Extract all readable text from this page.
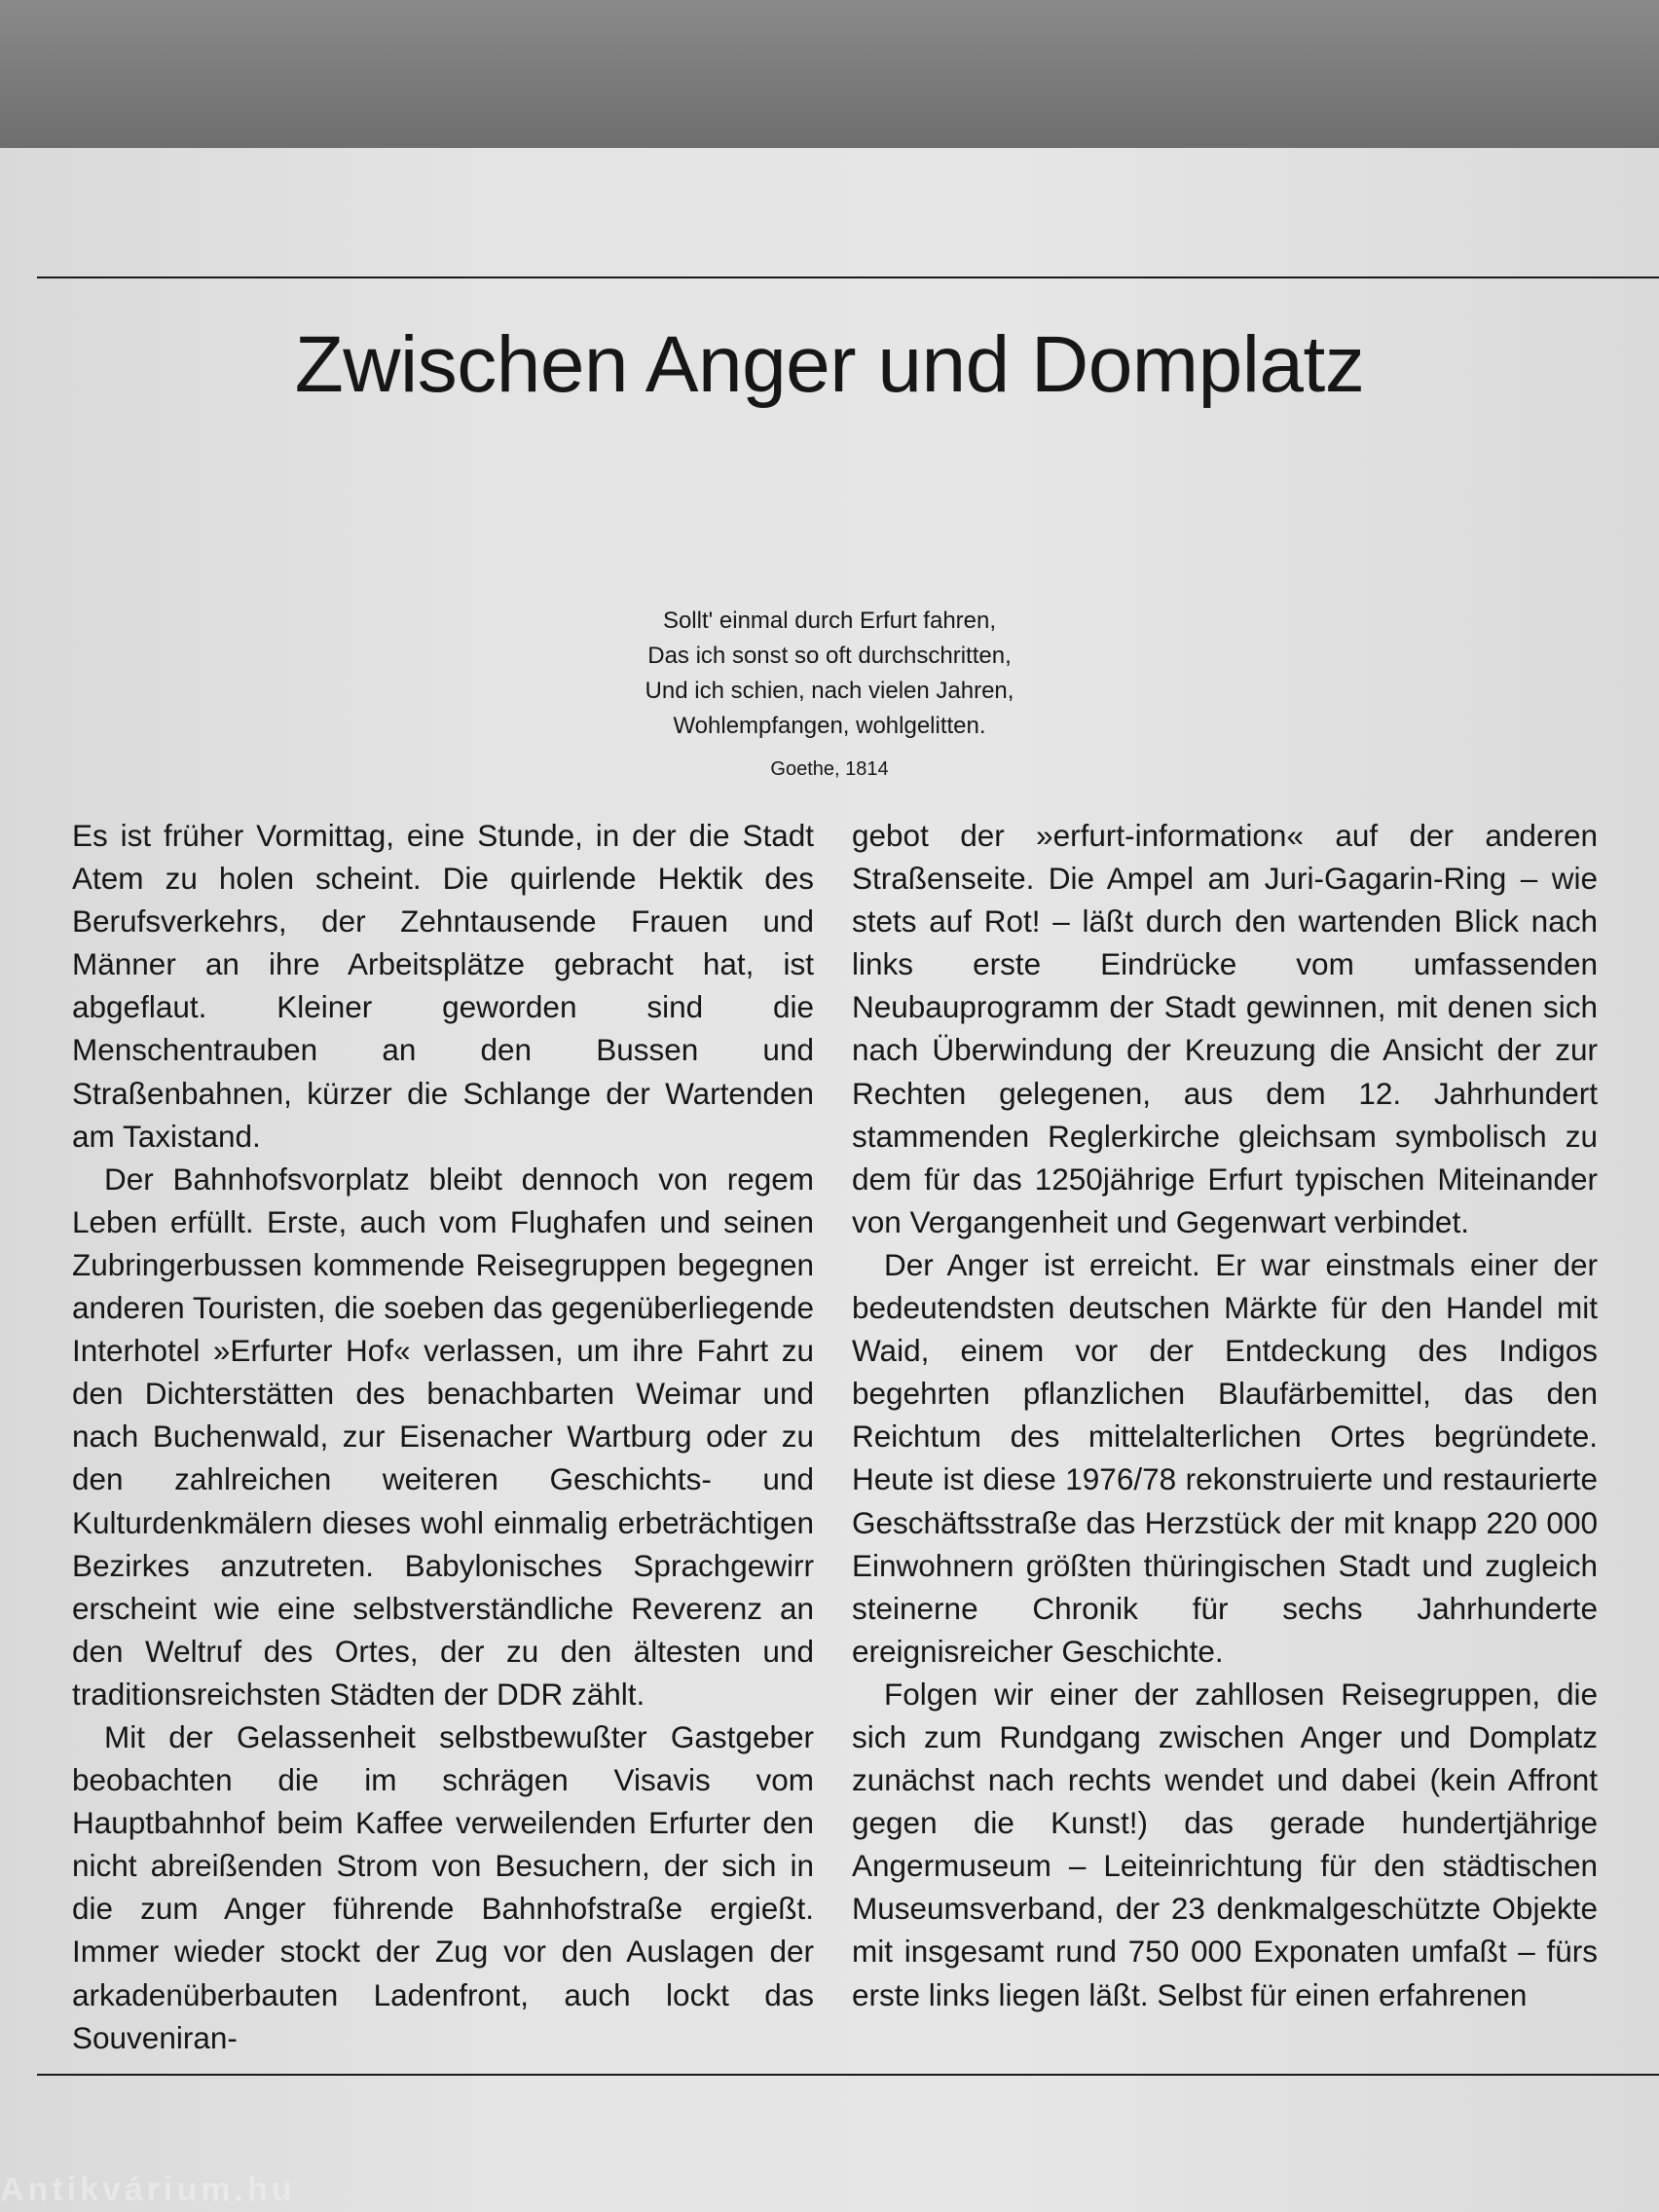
Zwischen Anger und Domplatz
Sollt' einmal durch Erfurt fahren,
Das ich sonst so oft durchschritten,
Und ich schien, nach vielen Jahren,
Wohlempfangen, wohlgelitten.
Goethe, 1814

Es ist früher Vormittag, eine Stunde, in der die Stadt Atem zu holen scheint. Die quirlende Hektik des Berufsverkehrs, der Zehntausende Frauen und Männer an ihre Arbeitsplätze gebracht hat, ist abgeflaut. Kleiner geworden sind die Menschentrauben an den Bussen und Straßenbahnen, kürzer die Schlange der Wartenden am Taxistand.

Der Bahnhofsvorplatz bleibt dennoch von regem Leben erfüllt. Erste, auch vom Flughafen und seinen Zubringerbussen kommende Reisegruppen begegnen anderen Touristen, die soeben das gegenüberliegende Interhotel »Erfurter Hof« verlassen, um ihre Fahrt zu den Dichterstätten des benachbarten Weimar und nach Buchenwald, zur Eisenacher Wartburg oder zu den zahlreichen weiteren Geschichts- und Kulturdenkmälern dieses wohl einmalig erbeträchtigen Bezirkes anzutreten. Babylonisches Sprachgewirr erscheint wie eine selbstverständliche Reverenz an den Weltruf des Ortes, der zu den ältesten und traditionsreichsten Städten der DDR zählt.

Mit der Gelassenheit selbstbewußter Gastgeber beobachten die im schrägen Visavis vom Hauptbahnhof beim Kaffee verweilenden Erfurter den nicht abreißenden Strom von Besuchern, der sich in die zum Anger führende Bahnhofstraße ergießt. Immer wieder stockt der Zug vor den Auslagen der arkadenüberbauten Ladenfront, auch lockt das Souveniran-

gebot der »erfurt-information« auf der anderen Straßenseite. Die Ampel am Juri-Gagarin-Ring – wie stets auf Rot! – läßt durch den wartenden Blick nach links erste Eindrücke vom umfassenden Neubauprogramm der Stadt gewinnen, mit denen sich nach Überwindung der Kreuzung die Ansicht der zur Rechten gelegenen, aus dem 12. Jahrhundert stammenden Reglerkirche gleichsam symbolisch zu dem für das 1250jährige Erfurt typischen Miteinander von Vergangenheit und Gegenwart verbindet.

Der Anger ist erreicht. Er war einstmals einer der bedeutendsten deutschen Märkte für den Handel mit Waid, einem vor der Entdeckung des Indigos begehrten pflanzlichen Blaufärbemittel, das den Reichtum des mittelalterlichen Ortes begründete. Heute ist diese 1976/78 rekonstruierte und restaurierte Geschäftsstraße das Herzstück der mit knapp 220 000 Einwohnern größten thüringischen Stadt und zugleich steinerne Chronik für sechs Jahrhunderte ereignisreicher Geschichte.

Folgen wir einer der zahllosen Reisegruppen, die sich zum Rundgang zwischen Anger und Domplatz zunächst nach rechts wendet und dabei (kein Affront gegen die Kunst!) das gerade hundertjährige Angermuseum – Leiteinrichtung für den städtischen Museumsverband, der 23 denkmalgeschützte Objekte mit insgesamt rund 750 000 Exponaten umfaßt – fürs erste links liegen läßt. Selbst für einen erfahrenen

Antikvárium.hu
